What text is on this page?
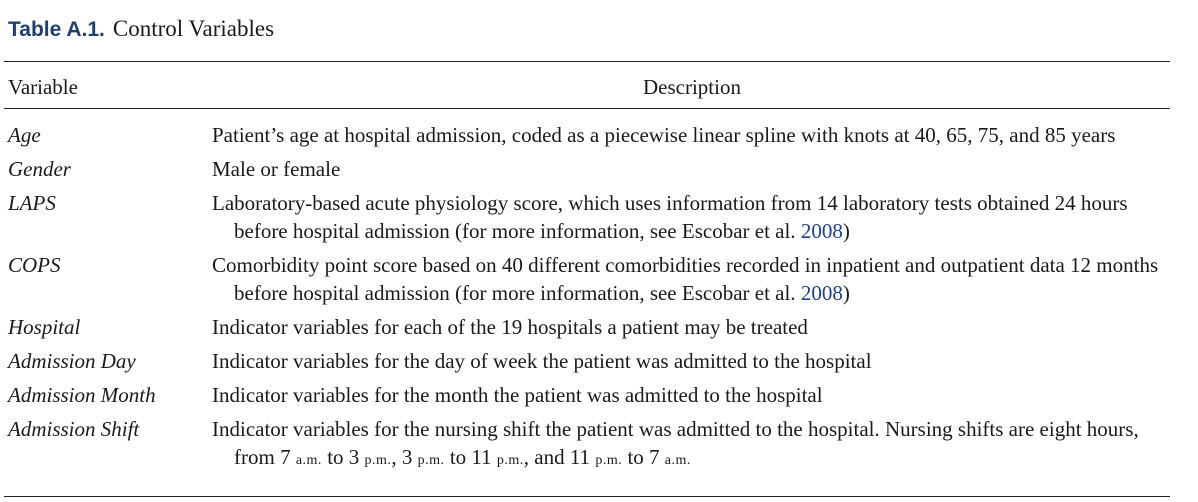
Table A.1. Control Variables
Variable	Description
Age	Patient’s age at hospital admission, coded as a piecewise linear spline with knots at 40, 65, 75, and 85 years
Gender	Male or female
LAPS	Laboratory-based acute physiology score, which uses information from 14 laboratory tests obtained 24 hours before hospital admission (for more information, see Escobar et al. 2008)
COPS	Comorbidity point score based on 40 different comorbidities recorded in inpatient and outpatient data 12 months before hospital admission (for more information, see Escobar et al. 2008)
Hospital	Indicator variables for each of the 19 hospitals a patient may be treated
Admission Day	Indicator variables for the day of week the patient was admitted to the hospital
Admission Month	Indicator variables for the month the patient was admitted to the hospital
Admission Shift	Indicator variables for the nursing shift the patient was admitted to the hospital. Nursing shifts are eight hours, from 7 a.m. to 3 p.m., 3 p.m. to 11 p.m., and 11 p.m. to 7 a.m.
